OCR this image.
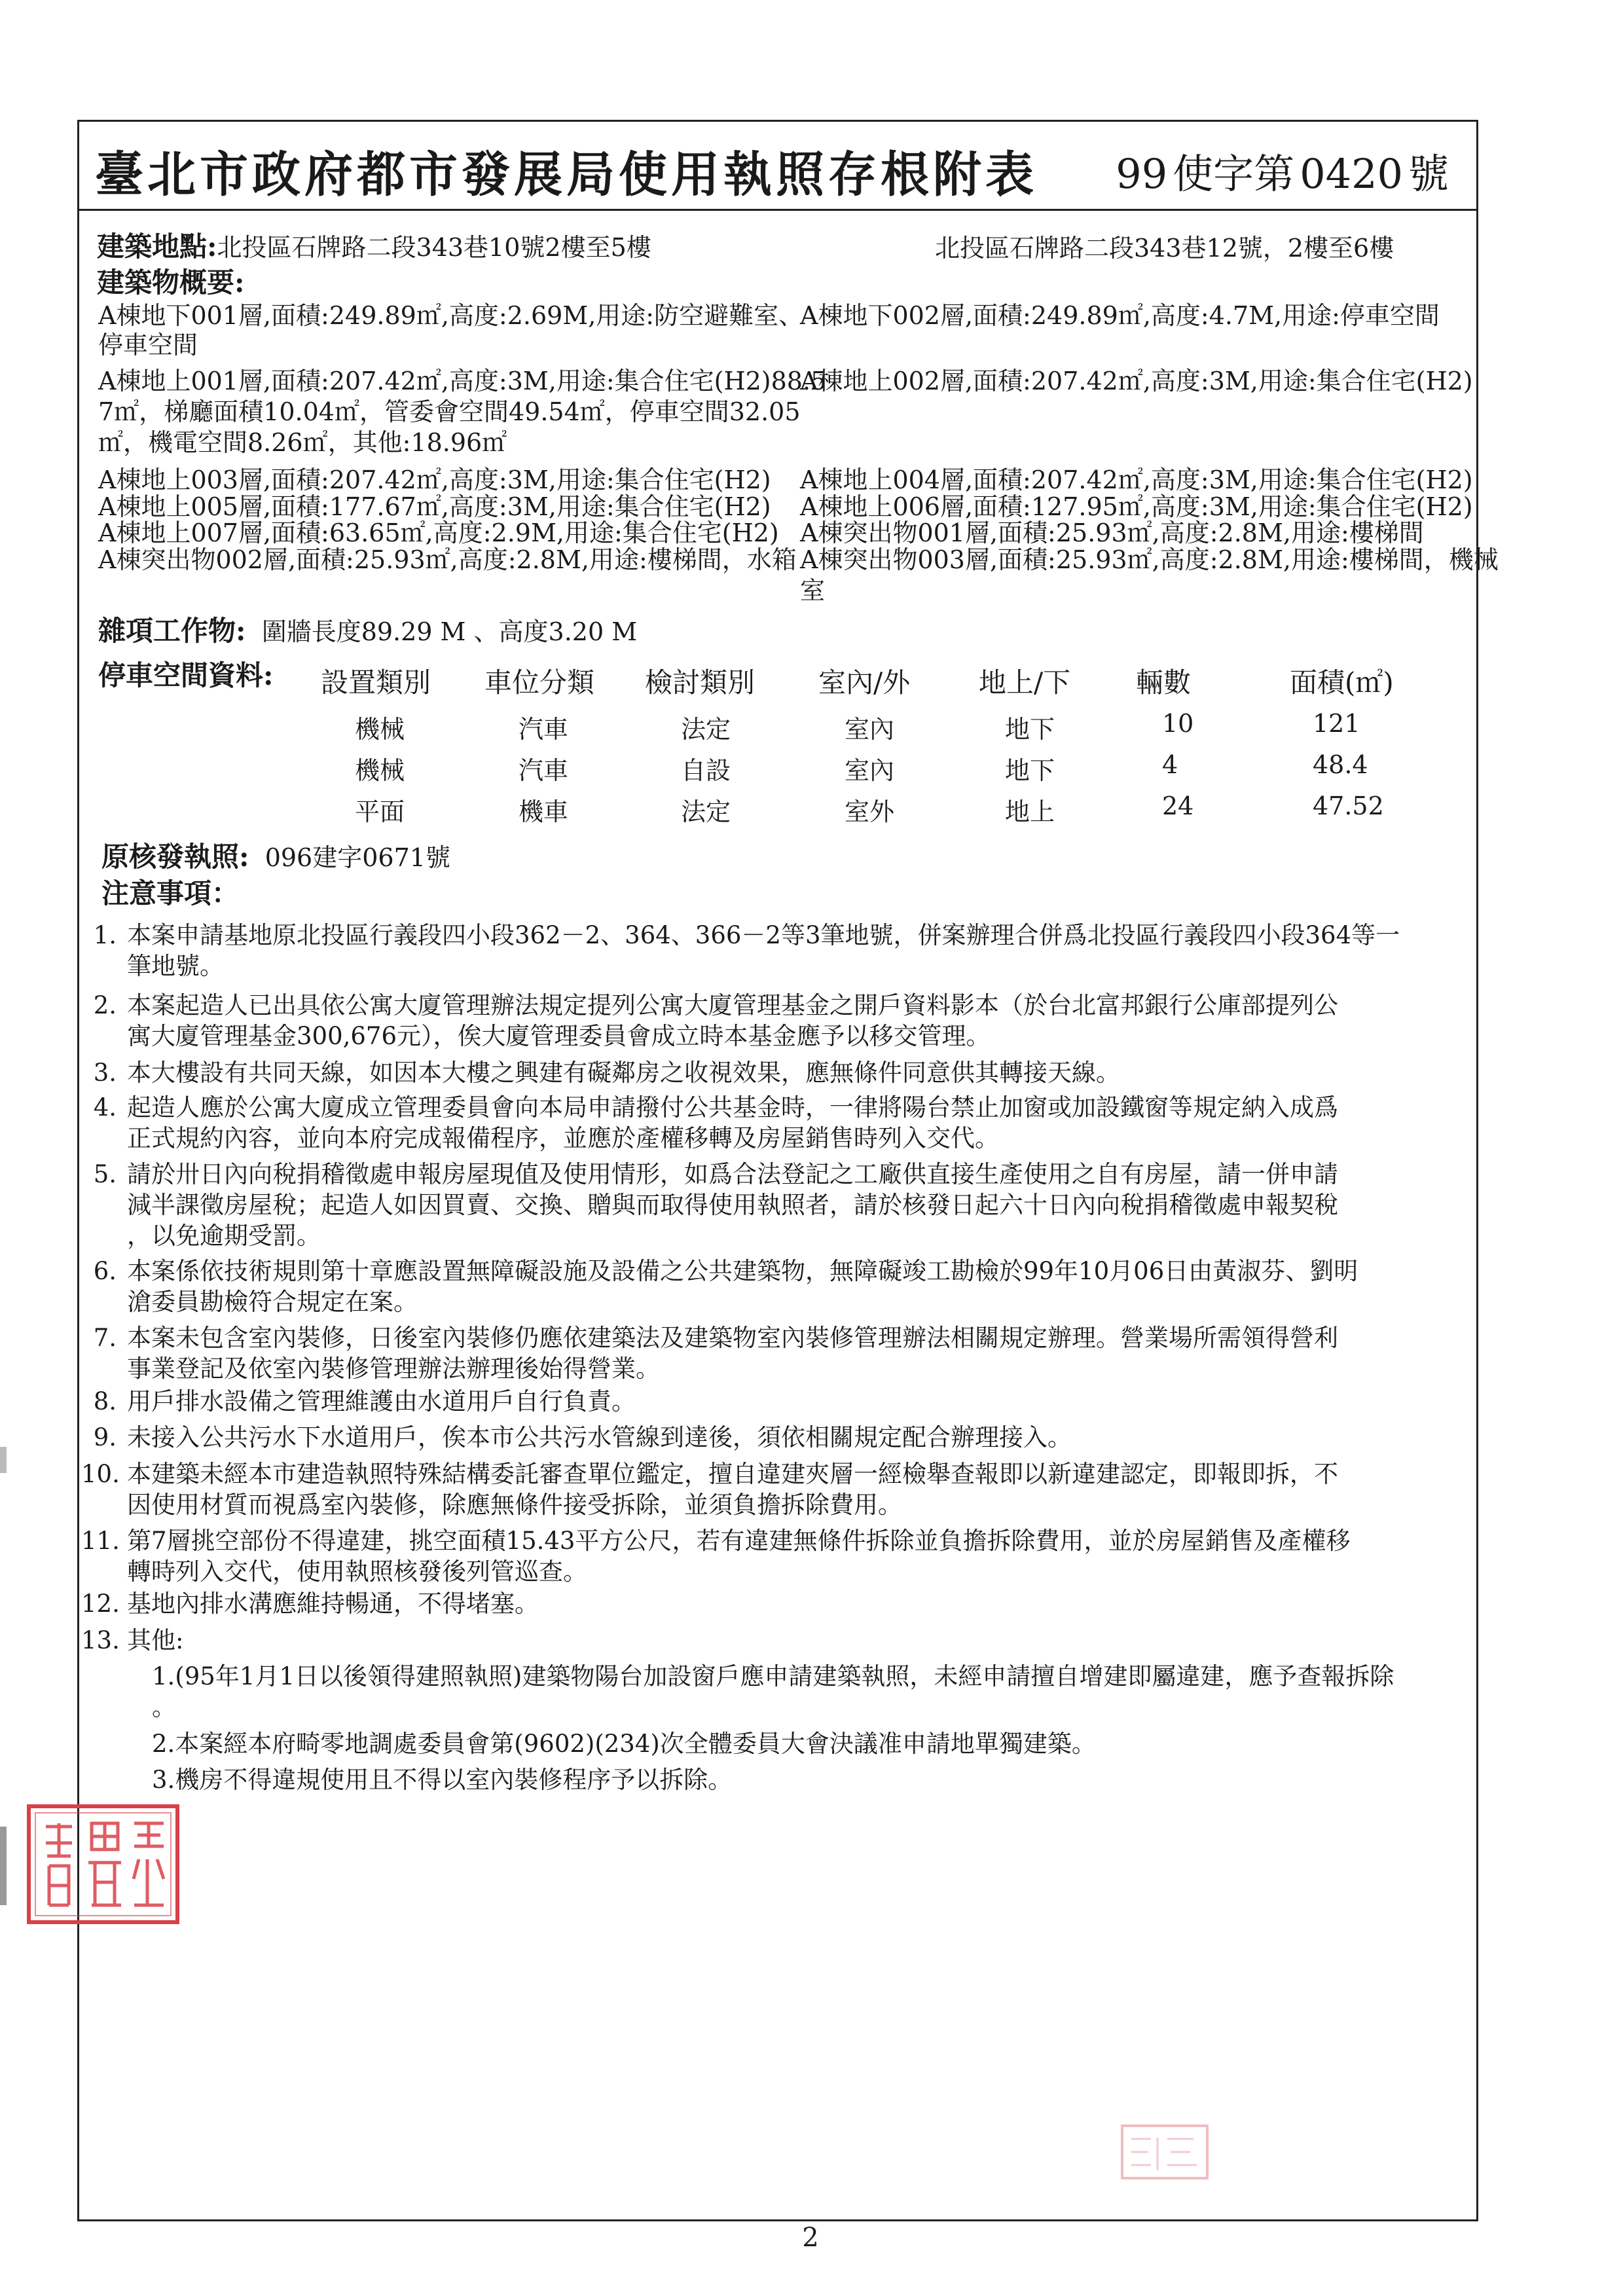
臺北市政府都市發展局使用執照存根附表 99 使字第 0420 號
建築地點:北投區石牌路二段343巷10號2樓至5樓	北投區石牌路二段343巷12號，2樓至6樓
建築物概要:
A棟地下001層,面積:249.89㎡,高度:2.69M,用途:防空避難室、
停車空間
A棟地上001層,面積:207.42㎡,高度:3M,用途:集合住宅(H2)88.5
7㎡，梯廳面積10.04㎡，管委會空間49.54㎡，停車空間32.05
㎡，機電空間8.26㎡，其他:18.96㎡
A棟地上003層,面積:207.42㎡,高度:3M,用途:集合住宅(H2)
A棟地上005層,面積:177.67㎡,高度:3M,用途:集合住宅(H2)
A棟地上007層,面積:63.65㎡,高度:2.9M,用途:集合住宅(H2)
A棟突出物002層,面積:25.93㎡,高度:2.8M,用途:樓梯間，水箱
A棟地下002層,面積:249.89㎡,高度:4.7M,用途:停車空間
A棟地上002層,面積:207.42㎡,高度:3M,用途:集合住宅(H2)
A棟地上004層,面積:207.42㎡,高度:3M,用途:集合住宅(H2)
A棟地上006層,面積:127.95㎡,高度:3M,用途:集合住宅(H2)
A棟突出物001層,面積:25.93㎡,高度:2.8M,用途:樓梯間
A棟突出物003層,面積:25.93㎡,高度:2.8M,用途:樓梯間，機械
室
雜項工作物: 圍牆長度89.29 M 、高度3.20 M
停車空間資料: 設置類別 車位分類 檢討類別 室內/外 地上/下 輛數	面積(㎡)
機械	汽車	法定	室內	地下	10	121
機械	汽車	自設	室內	地下	4	48.4
平面	機車	法定	室外	地上	24	47.52
原核發執照: 096建字0671號
注意事項：
1. 本案申請基地原北投區行義段四小段362－2、364、366－2等3筆地號，併案辦理合併爲北投區行義段四小段364等一
筆地號。
2. 本案起造人已出具依公寓大廈管理辦法規定提列公寓大廈管理基金之開戶資料影本（於台北富邦銀行公庫部提列公
寓大廈管理基金300,676元），俟大廈管理委員會成立時本基金應予以移交管理。
3. 本大樓設有共同天線，如因本大樓之興建有礙鄰房之收視效果，應無條件同意供其轉接天線。
4. 起造人應於公寓大廈成立管理委員會向本局申請撥付公共基金時，一律將陽台禁止加窗或加設鐵窗等規定納入成爲
正式規約內容，並向本府完成報備程序，並應於產權移轉及房屋銷售時列入交代。
5. 請於卅日內向稅捐稽徵處申報房屋現值及使用情形，如爲合法登記之工廠供直接生產使用之自有房屋，請一併申請
減半課徵房屋稅；起造人如因買賣、交換、贈與而取得使用執照者，請於核發日起六十日內向稅捐稽徵處申報契稅
，以免逾期受罰。
6. 本案係依技術規則第十章應設置無障礙設施及設備之公共建築物，無障礙竣工勘檢於99年10月06日由黃淑芬、劉明
滄委員勘檢符合規定在案。
7. 本案未包含室內裝修，日後室內裝修仍應依建築法及建築物室內裝修管理辦法相關規定辦理。營業場所需領得營利
事業登記及依室內裝修管理辦法辦理後始得營業。
8. 用戶排水設備之管理維護由水道用戶自行負責。
9. 未接入公共污水下水道用戶，俟本市公共污水管線到達後，須依相關規定配合辦理接入。
10. 本建築未經本市建造執照特殊結構委託審查單位鑑定，擅自違建夾層一經檢舉查報即以新違建認定，即報即拆，不
因使用材質而視爲室內裝修，除應無條件接受拆除，並須負擔拆除費用。
11. 第7層挑空部份不得違建，挑空面積15.43平方公尺，若有違建無條件拆除並負擔拆除費用，並於房屋銷售及產權移
轉時列入交代，使用執照核發後列管巡查。
12. 基地內排水溝應維持暢通，不得堵塞。
13. 其他:
1.(95年1月1日以後領得建照執照)建築物陽台加設窗戶應申請建築執照，未經申請擅自增建即屬違建，應予查報拆除
。
2.本案經本府畸零地調處委員會第(9602)(234)次全體委員大會決議准申請地單獨建築。
3.機房不得違規使用且不得以室內裝修程序予以拆除。
2
